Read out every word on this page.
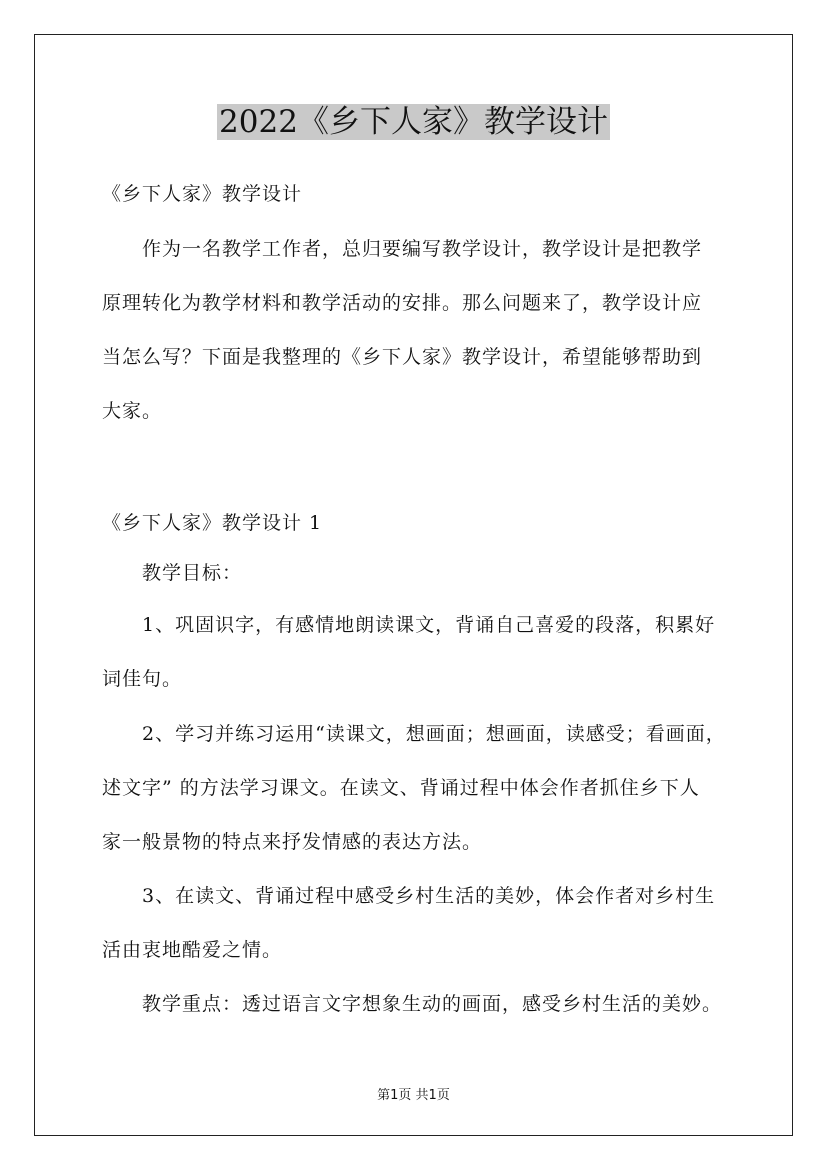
2022《乡下人家》教学设计
《乡下人家》教学设计
作为一名教学工作者，总归要编写教学设计，教学设计是把教学
原理转化为教学材料和教学活动的安排。那么问题来了，教学设计应
当怎么写？下面是我整理的《乡下人家》教学设计，希望能够帮助到
大家。
《乡下人家》教学设计 1
教学目标：
1、巩固识字，有感情地朗读课文，背诵自己喜爱的段落，积累好
词佳句。
2、学习并练习运用“读课文，想画面；想画面，读感受；看画面，
述文字” 的方法学习课文。在读文、背诵过程中体会作者抓住乡下人
家一般景物的特点来抒发情感的表达方法。
3、在读文、背诵过程中感受乡村生活的美妙，体会作者对乡村生
活由衷地酷爱之情。
教学重点：透过语言文字想象生动的画面，感受乡村生活的美妙。
第1页 共1页
